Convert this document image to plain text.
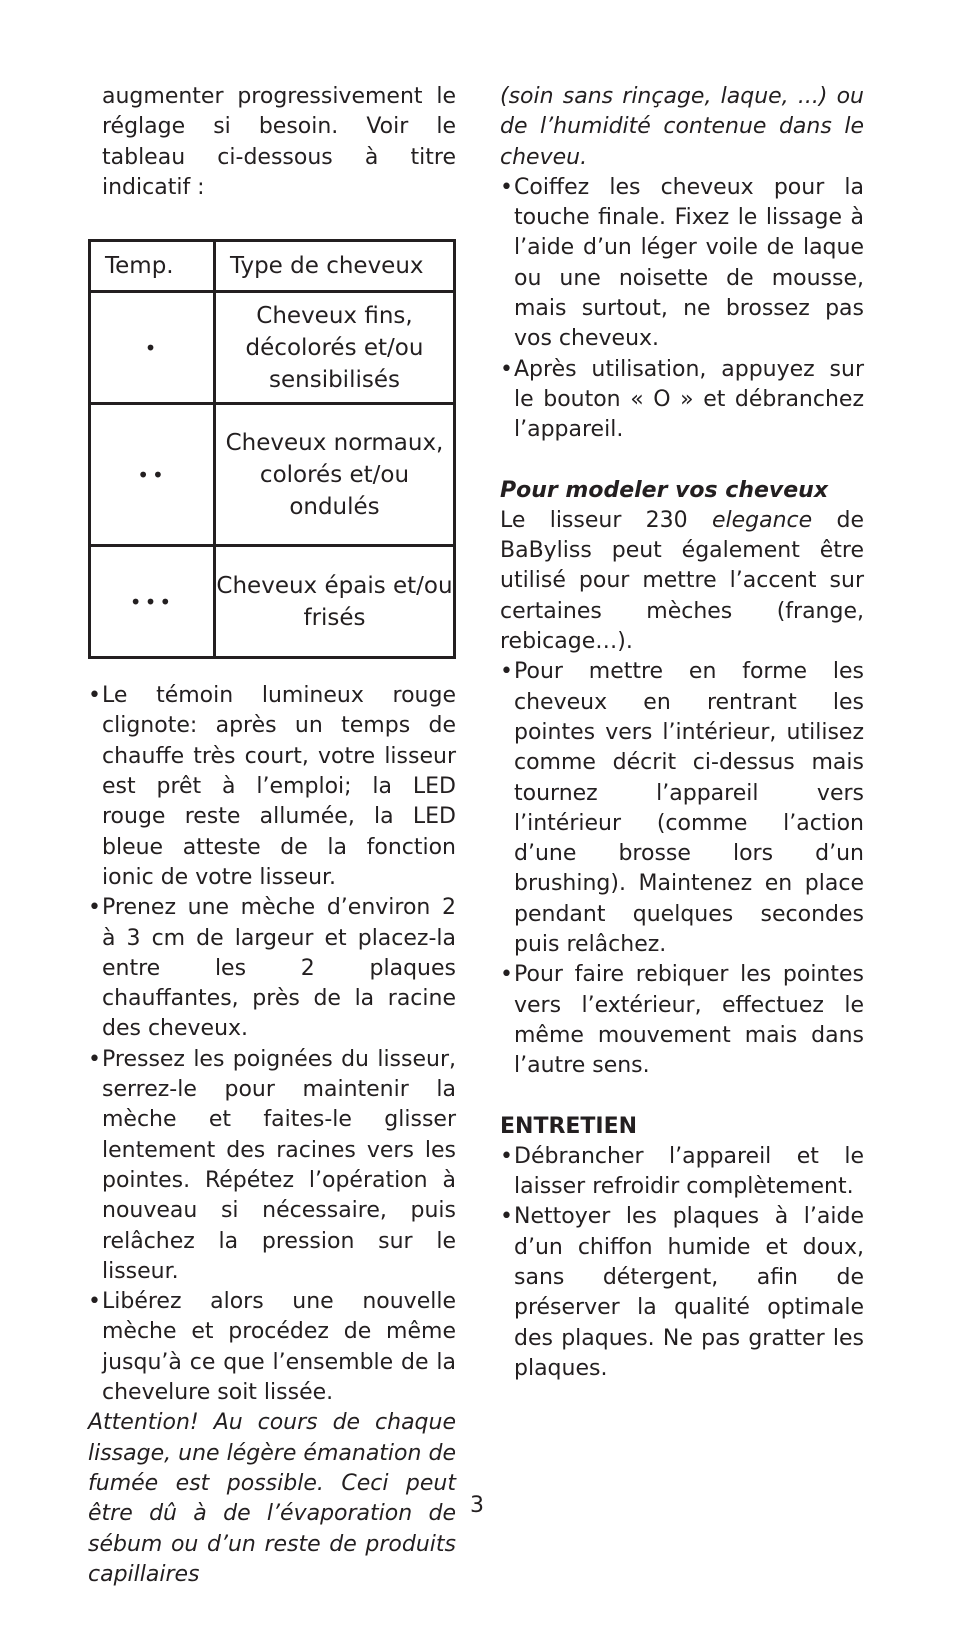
augmenter progressivement le réglage si besoin. Voir le tableau ci-dessous à titre indicatif :

Temp.	Type de cheveux
•	Cheveux fins, décolorés et/ou sensibilisés
••	Cheveux normaux, colorés et/ou ondulés
•••	Cheveux épais et/ou frisés
• Le témoin lumineux rouge clignote: après un temps de chauffe très court, votre lisseur est prêt à l’emploi; la LED rouge reste allumée, la LED bleue atteste de la fonction ionic de votre lisseur.
• Prenez une mèche d’environ 2 à 3 cm de largeur et placez-la entre les 2 plaques chauffantes, près de la racine des cheveux.
• Pressez les poignées du lisseur, serrez-le pour maintenir la mèche et faites-le glisser lentement des racines vers les pointes. Répétez l’opération à nouveau si nécessaire, puis relâchez la pression sur le lisseur.
• Libérez alors une nouvelle mèche et procédez de même jusqu’à ce que l’ensemble de la chevelure soit lissée.

Attention! Au cours de chaque lissage, une légère émanation de fumée est possible. Ceci peut être dû à de l’évaporation de sébum ou d’un reste de produits capillaires

(soin sans rinçage, laque, ...) ou de l’humidité contenue dans le cheveu.

• Coiffez les cheveux pour la touche finale. Fixez le lissage à l’aide d’un léger voile de laque ou une noisette de mousse, mais surtout, ne brossez pas vos cheveux.
• Après utilisation, appuyez sur le bouton « O » et débranchez l’appareil.

Pour modeler vos cheveux

Le lisseur 230 elegance de BaByliss peut également être utilisé pour mettre l’accent sur certaines mèches (frange, rebicage…).

• Pour mettre en forme les cheveux en rentrant les pointes vers l’intérieur, utilisez comme décrit ci-dessus mais tournez l’appareil vers l’intérieur (comme l’action d’une brosse lors d’un brushing). Maintenez en place pendant quelques secondes puis relâchez.
• Pour faire rebiquer les pointes vers l’extérieur, effectuez le même mouvement mais dans l’autre sens.

ENTRETIEN

• Débrancher l’appareil et le laisser refroidir complètement.
• Nettoyer les plaques à l’aide d’un chiffon humide et doux, sans détergent, afin de préserver la qualité optimale des plaques. Ne pas gratter les plaques.
3
